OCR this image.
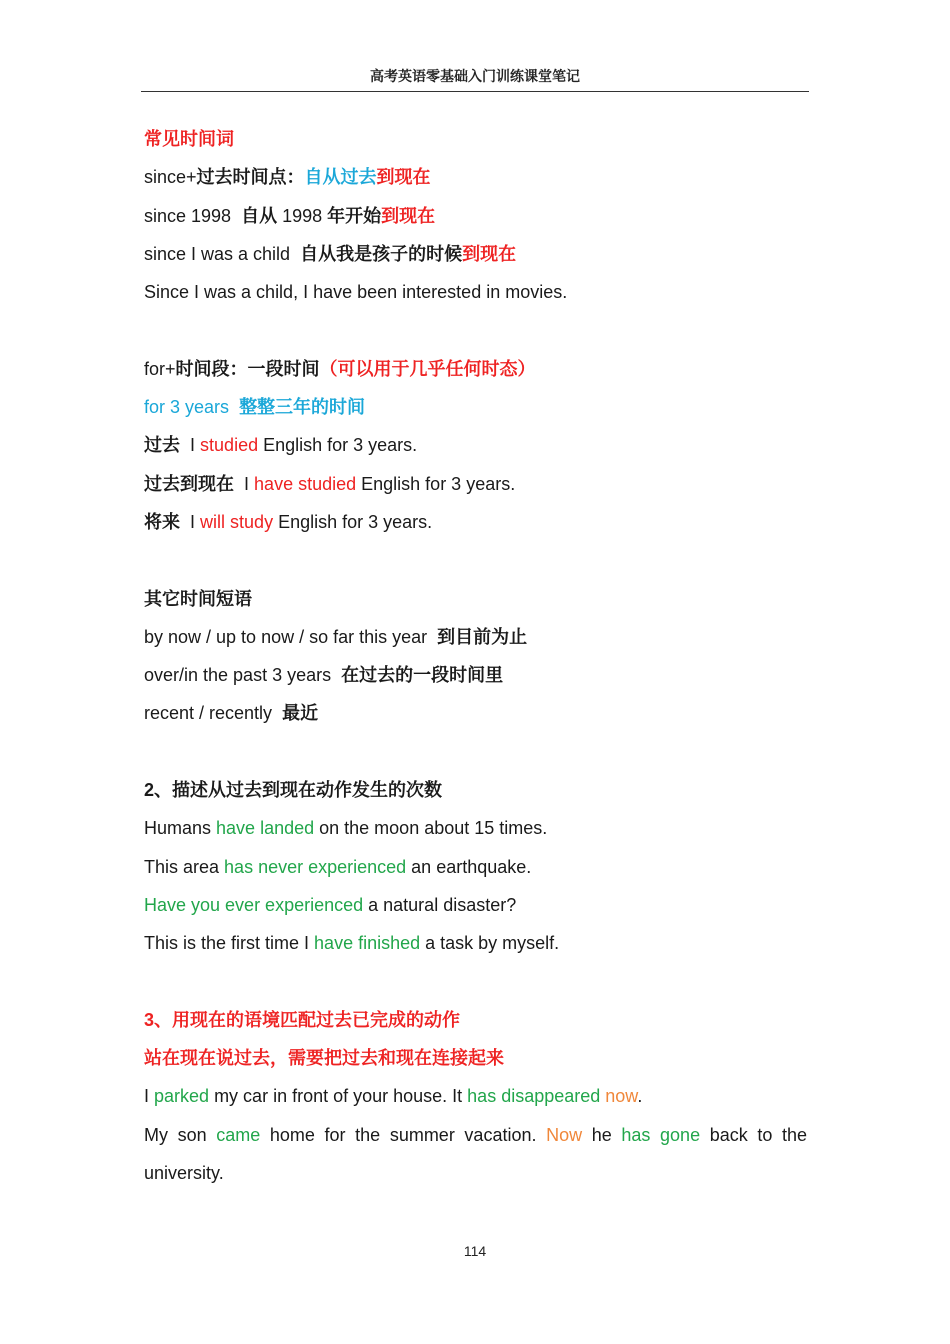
高考英语零基础入门训练课堂笔记
常见时间词
since+过去时间点：自从过去到现在
since 1998 自从 1998 年开始到现在
since I was a child 自从我是孩子的时候到现在
Since I was a child, I have been interested in movies.
for+时间段：一段时间（可以用于几乎任何时态）
for 3 years 整整三年的时间
过去 I studied English for 3 years.
过去到现在 I have studied English for 3 years.
将来 I will study English for 3 years.
其它时间短语
by now / up to now / so far this year 到目前为止
over/in the past 3 years 在过去的一段时间里
recent / recently 最近
2、描述从过去到现在动作发生的次数
Humans have landed on the moon about 15 times.
This area has never experienced an earthquake.
Have you ever experienced a natural disaster?
This is the first time I have finished a task by myself.
3、用现在的语境匹配过去已完成的动作
站在现在说过去，需要把过去和现在连接起来
I parked my car in front of your house. It has disappeared now.
My son came home for the summer vacation. Now he has gone back to the
university.
114
